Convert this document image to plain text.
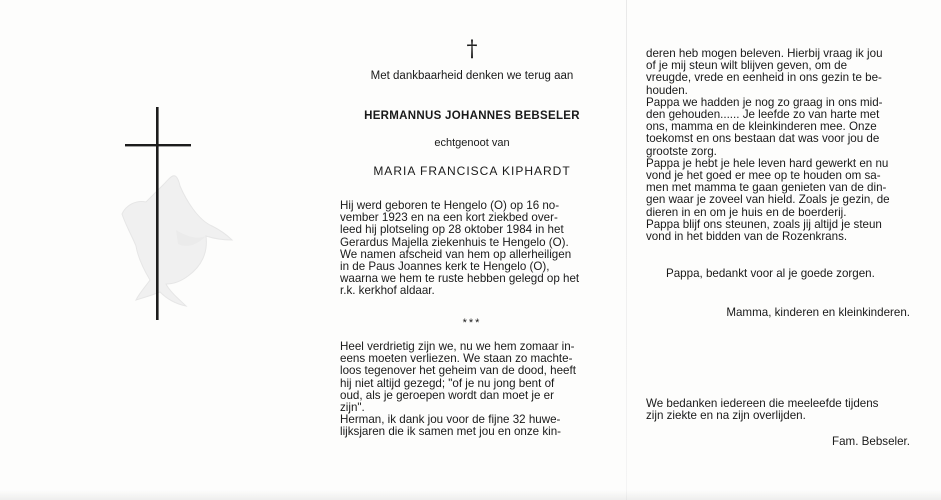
†
Met dankbaarheid denken we terug aan
HERMANNUS JOHANNES BEBSELER
echtgenoot van
MARIA FRANCISCA KIPHARDT
Hij werd geboren te Hengelo (O) op 16 no-
vember 1923 en na een kort ziekbed over-
leed hij plotseling op 28 oktober 1984 in het
Gerardus Majella ziekenhuis te Hengelo (O).
We namen afscheid van hem op allerheiligen
in de Paus Joannes kerk te Hengelo (O),
waarna we hem te ruste hebben gelegd op het
r.k. kerkhof aldaar.
***
Heel verdrietig zijn we, nu we hem zomaar in-
eens moeten verliezen. We staan zo machte-
loos tegenover het geheim van de dood, heeft
hij niet altijd gezegd; "of je nu jong bent of
oud, als je geroepen wordt dan moet je er
zijn".
Herman, ik dank jou voor de fijne 32 huwe-
lijksjaren die ik samen met jou en onze kin-
deren heb mogen beleven. Hierbij vraag ik jou
of je mij steun wilt blijven geven, om de
vreugde, vrede en eenheid in ons gezin te be-
houden.
Pappa we hadden je nog zo graag in ons mid-
den gehouden...... Je leefde zo van harte met
ons, mamma en de kleinkinderen mee. Onze
toekomst en ons bestaan dat was voor jou de
grootste zorg.
Pappa je hebt je hele leven hard gewerkt en nu
vond je het goed er mee op te houden om sa-
men met mamma te gaan genieten van de din-
gen waar je zoveel van hield. Zoals je gezin, de
dieren in en om je huis en de boerderij.
Pappa blijf ons steunen, zoals jij altijd je steun
vond in het bidden van de Rozenkrans.
Pappa, bedankt voor al je goede zorgen.
Mamma, kinderen en kleinkinderen.
We bedanken iedereen die meeleefde tijdens
zijn ziekte en na zijn overlijden.
Fam. Bebseler.
